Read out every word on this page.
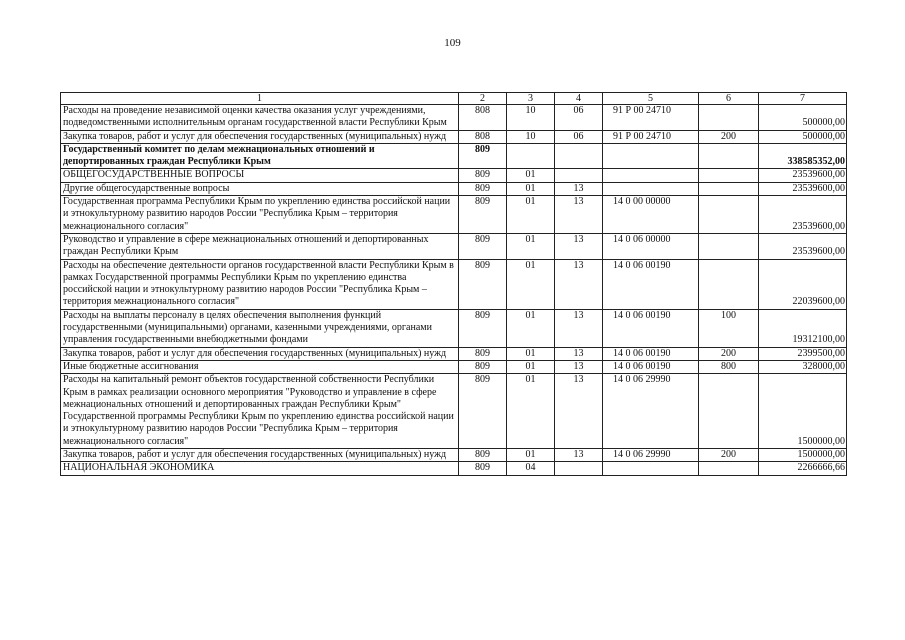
109
1	2	3	4	5	6	7
Расходы на проведение независимой оценки качества оказания услуг учреждениями, подведомственными исполнительным органам государственной власти Республики Крым	808	10	06	91 Р 00 24710		500000,00
Закупка товаров, работ и услуг для обеспечения государственных (муниципальных) нужд	808	10	06	91 Р 00 24710	200	500000,00
Государственный комитет по делам межнациональных отношений и депортированных граждан Республики Крым	809					338585352,00
ОБЩЕГОСУДАРСТВЕННЫЕ ВОПРОСЫ	809	01				23539600,00
Другие общегосударственные вопросы	809	01	13			23539600,00
Государственная программа Республики Крым по укреплению единства российской нации и этнокультурному развитию народов России "Республика Крым – территория межнационального согласия"	809	01	13	14 0 00 00000		23539600,00
Руководство и управление в сфере межнациональных отношений и депортированных граждан Республики Крым	809	01	13	14 0 06 00000		23539600,00
Расходы на обеспечение деятельности органов государственной власти Республики Крым в рамках Государственной программы Республики Крым по укреплению единства российской нации и этнокультурному развитию народов России "Республика Крым – территория межнационального согласия"	809	01	13	14 0 06 00190		22039600,00
Расходы на выплаты персоналу в целях обеспечения выполнения функций государственными (муниципальными) органами, казенными учреждениями, органами управления государственными внебюджетными фондами	809	01	13	14 0 06 00190	100	19312100,00
Закупка товаров, работ и услуг для обеспечения государственных (муниципальных) нужд	809	01	13	14 0 06 00190	200	2399500,00
Иные бюджетные ассигнования	809	01	13	14 0 06 00190	800	328000,00
Расходы на капитальный ремонт объектов государственной собственности Республики Крым в рамках реализации основного мероприятия "Руководство и управление в сфере межнациональных отношений и депортированных граждан Республики Крым" Государственной программы Республики Крым по укреплению единства российской нации и этнокультурному развитию народов России "Республика Крым – территория межнационального согласия"	809	01	13	14 0 06 29990		1500000,00
Закупка товаров, работ и услуг для обеспечения государственных (муниципальных) нужд	809	01	13	14 0 06 29990	200	1500000,00
НАЦИОНАЛЬНАЯ ЭКОНОМИКА	809	04				2266666,66
